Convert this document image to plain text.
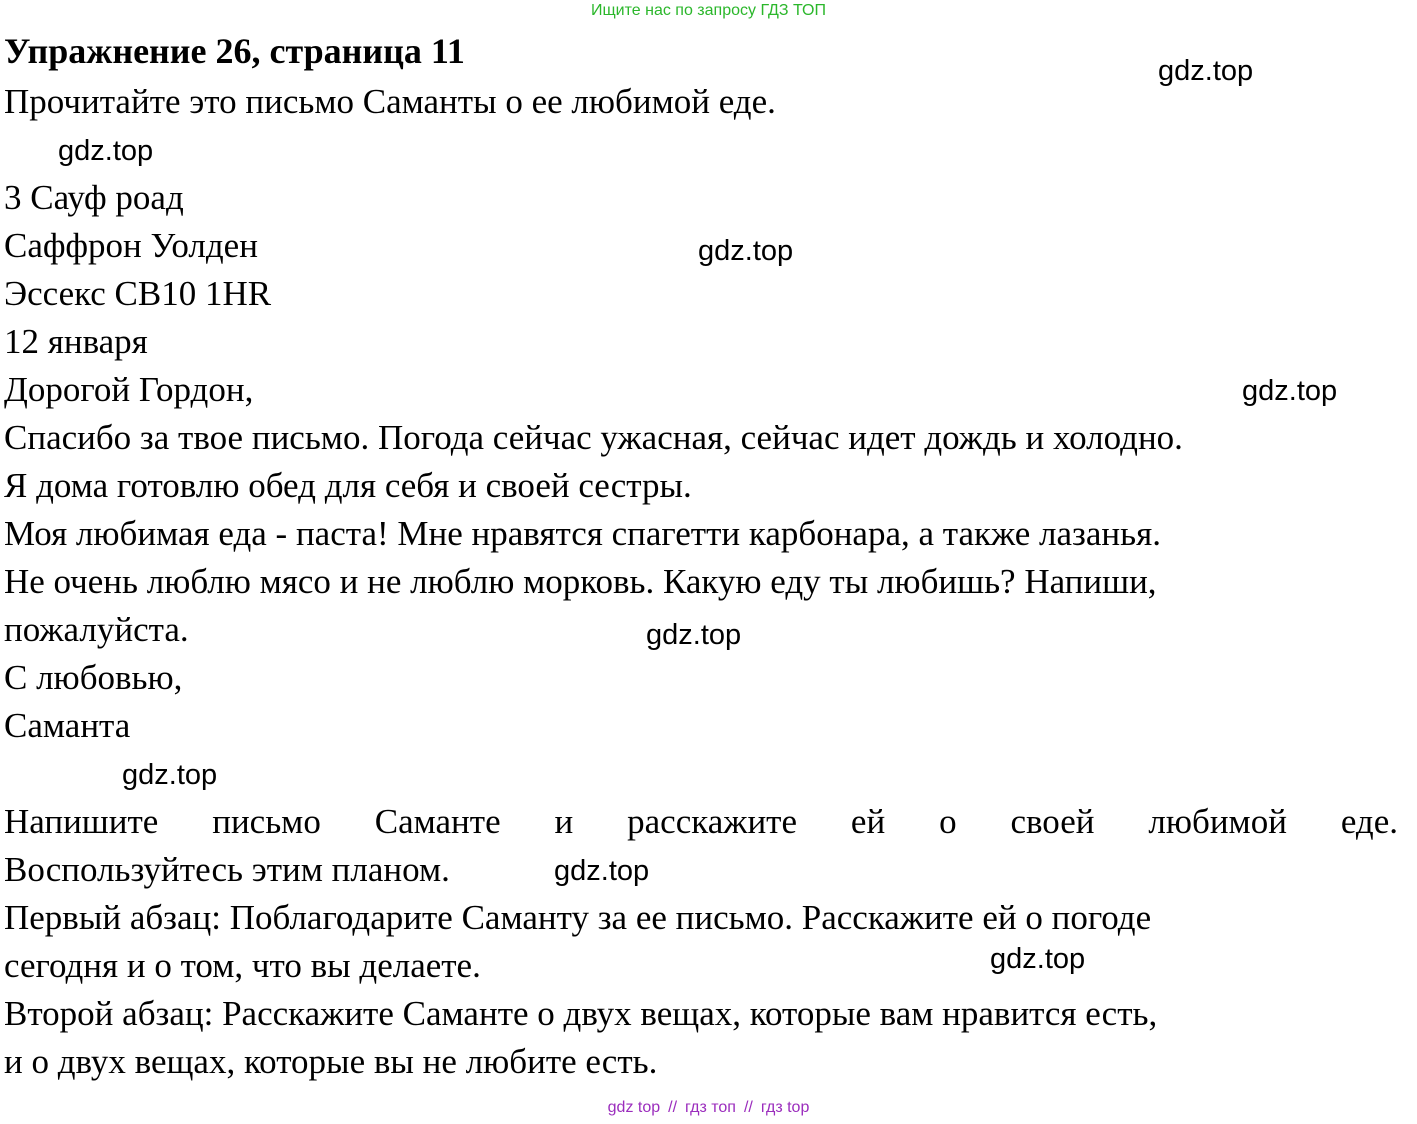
Ищите нас по запросу ГДЗ ТОП
Упражнение 26, страница 11
Прочитайте это письмо Саманты о ее любимой еде.
3 Сауф роад
Саффрон Уолден
Эссекс CB10 1HR
12 января
Дорогой Гордон,
Спасибо за твое письмо. Погода сейчас ужасная, сейчас идет дождь и холодно.
Я дома готовлю обед для себя и своей сестры.
Моя любимая еда - паста! Мне нравятся спагетти карбонара, а также лазанья.
Не очень люблю мясо и не люблю морковь. Какую еду ты любишь? Напиши,
пожалуйста.
С любовью,
Саманта
Напишите письмо Саманте и расскажите ей о своей любимой еде.
Воспользуйтесь этим планом.
Первый абзац: Поблагодарите Саманту за ее письмо. Расскажите ей о погоде
сегодня и о том, что вы делаете.
Второй абзац: Расскажите Саманте о двух вещах, которые вам нравится есть,
и о двух вещах, которые вы не любите есть.
gdz.top
gdz.top
gdz.top
gdz.top
gdz.top
gdz.top
gdz.top
gdz.top
gdz top // гдз топ // гдз top
